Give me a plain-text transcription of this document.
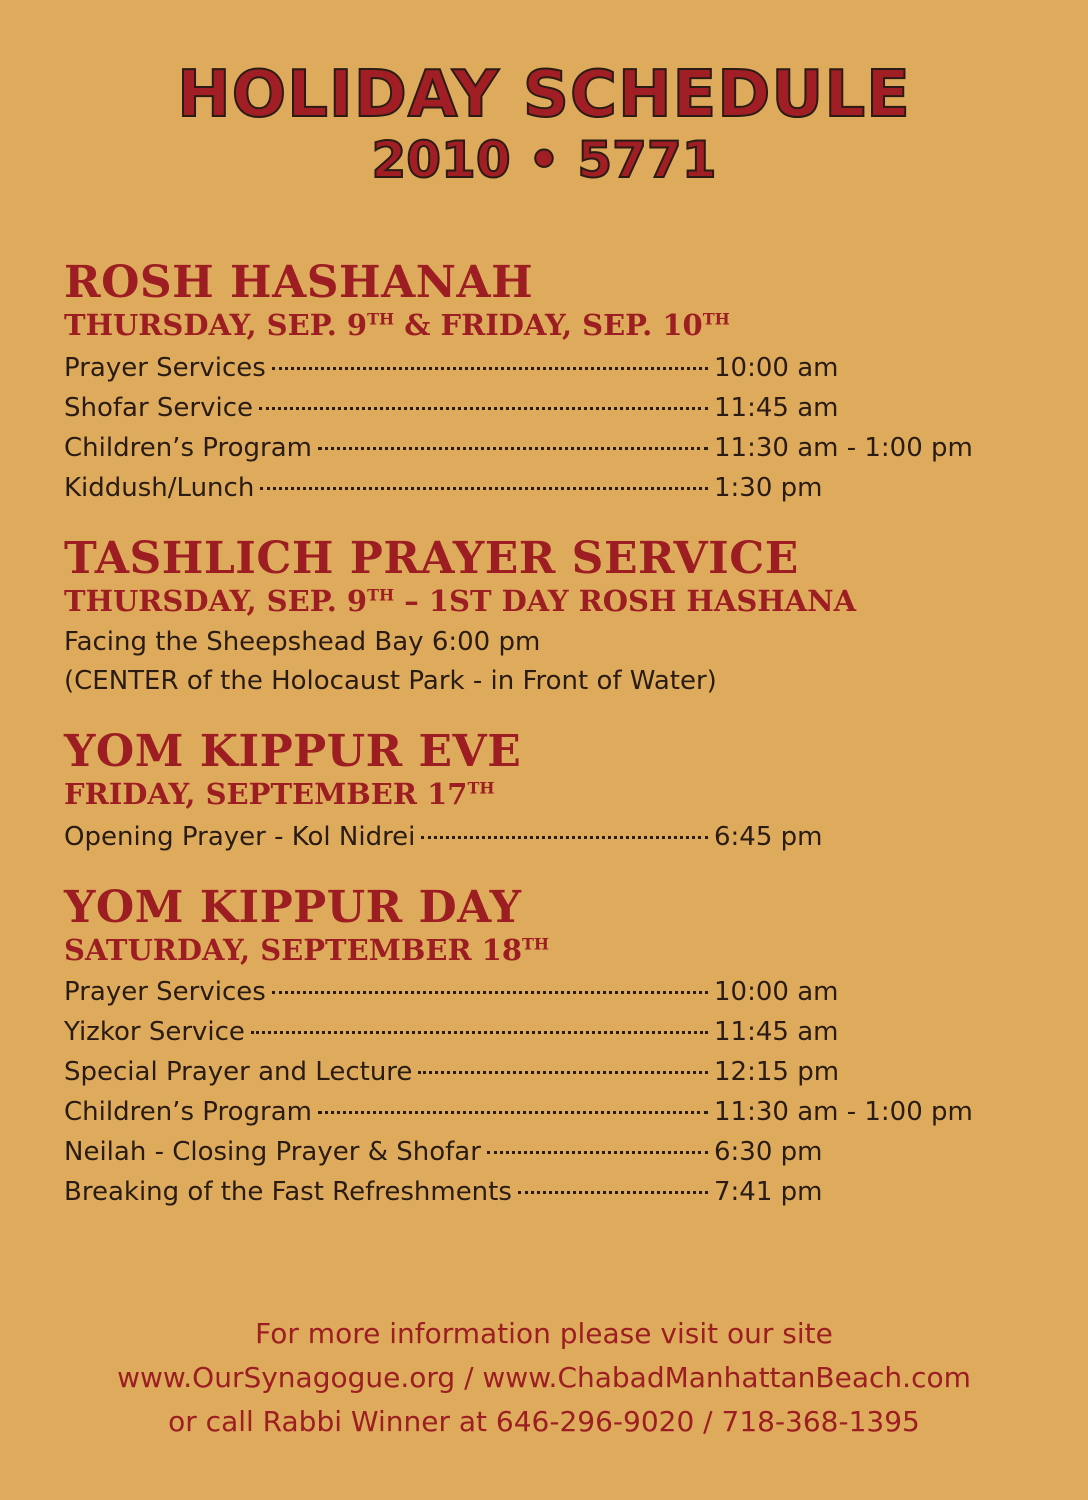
HOLIDAY SCHEDULE
2010 • 5771
ROSH HASHANAH
THURSDAY, SEP. 9TH & FRIDAY, SEP. 10TH
Prayer Services	10:00 am
Shofar Service	11:45 am
Children’s Program	11:30 am - 1:00 pm
Kiddush/Lunch	1:30 pm
TASHLICH PRAYER SERVICE
THURSDAY, SEP. 9TH – 1ST DAY ROSH HASHANA
Facing the Sheepshead Bay 6:00 pm
(CENTER of the Holocaust Park - in Front of Water)
YOM KIPPUR EVE
FRIDAY, SEPTEMBER 17TH
Opening Prayer - Kol Nidrei	6:45 pm
YOM KIPPUR DAY
SATURDAY, SEPTEMBER 18TH
Prayer Services	10:00 am
Yizkor Service	11:45 am
Special Prayer and Lecture	12:15 pm
Children’s Program	11:30 am - 1:00 pm
Neilah - Closing Prayer & Shofar	6:30 pm
Breaking of the Fast Refreshments	7:41 pm
For more information please visit our site
www.OurSynagogue.org / www.ChabadManhattanBeach.com
or call Rabbi Winner at 646-296-9020 / 718-368-1395
